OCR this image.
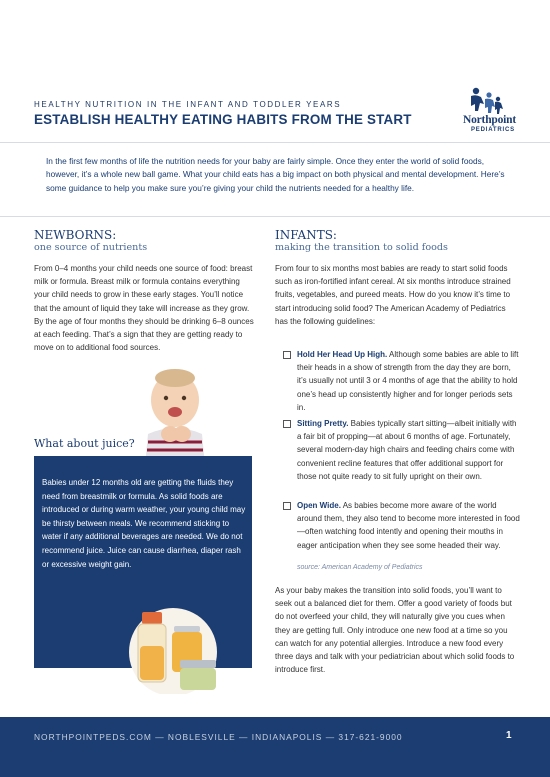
HEALTHY NUTRITION IN THE INFANT AND TODDLER YEARS
ESTABLISH HEALTHY EATING HABITS FROM THE START	Northpoint
PEDIATRICS
In the first few months of life the nutrition needs for your baby are fairly simple. Once they enter the world of solid foods, however, it’s a whole new ball game. What your child eats has a big impact on both physical and mental development. Here’s some guidance to help you make sure you’re giving your child the nutrients needed for a healthy life.
NEWBORNS:
one source of nutrients
From 0–4 months your child needs one source of food: breast milk or formula. Breast milk or formula contains everything your child needs to grow in these early stages. You’ll notice that the amount of liquid they take will increase as they grow. By the age of four months they should be drinking 6–8 ounces at each feeding. That’s a sign that they are getting ready to move on to additional food sources.
What about juice?
Babies under 12 months old are getting the fluids they need from breastmilk or formula. As solid foods are introduced or during warm weather, your young child may be thirsty between meals. We recommend sticking to water if any additional beverages are needed. We do not recommend juice. Juice can cause diarrhea, diaper rash or excessive weight gain.
INFANTS:
making the transition to solid foods
From four to six months most babies are ready to start solid foods such as iron-fortified infant cereal. At six months introduce strained fruits, vegetables, and pureed meats. How do you know it’s time to start introducing solid food? The American Academy of Pediatrics has the following guidelines:
Hold Her Head Up High. Although some babies are able to lift their heads in a show of strength from the day they are born, it’s usually not until 3 or 4 months of age that the ability to hold one’s head up consistently higher and for longer periods sets in.
Sitting Pretty. Babies typically start sitting—albeit initially with a fair bit of propping—at about 6 months of age. Fortunately, several modern-day high chairs and feeding chairs come with convenient recline features that offer additional support for those not quite ready to sit fully upright on their own.
Open Wide. As babies become more aware of the world around them, they also tend to become more interested in food—often watching food intently and opening their mouths in eager anticipation when they see some headed their way.
source: American Academy of Pediatrics
As your baby makes the transition into solid foods, you’ll want to seek out a balanced diet for them. Offer a good variety of foods but do not overfeed your child, they will naturally give you cues when they are getting full. Only introduce one new food at a time so you can watch for any potential allergies. Introduce a new food every three days and talk with your pediatrician about which solid foods to introduce first.
NORTHPOINTPEDS.COM — NOBLESVILLE — INDIANAPOLIS — 317-621-9000	1
